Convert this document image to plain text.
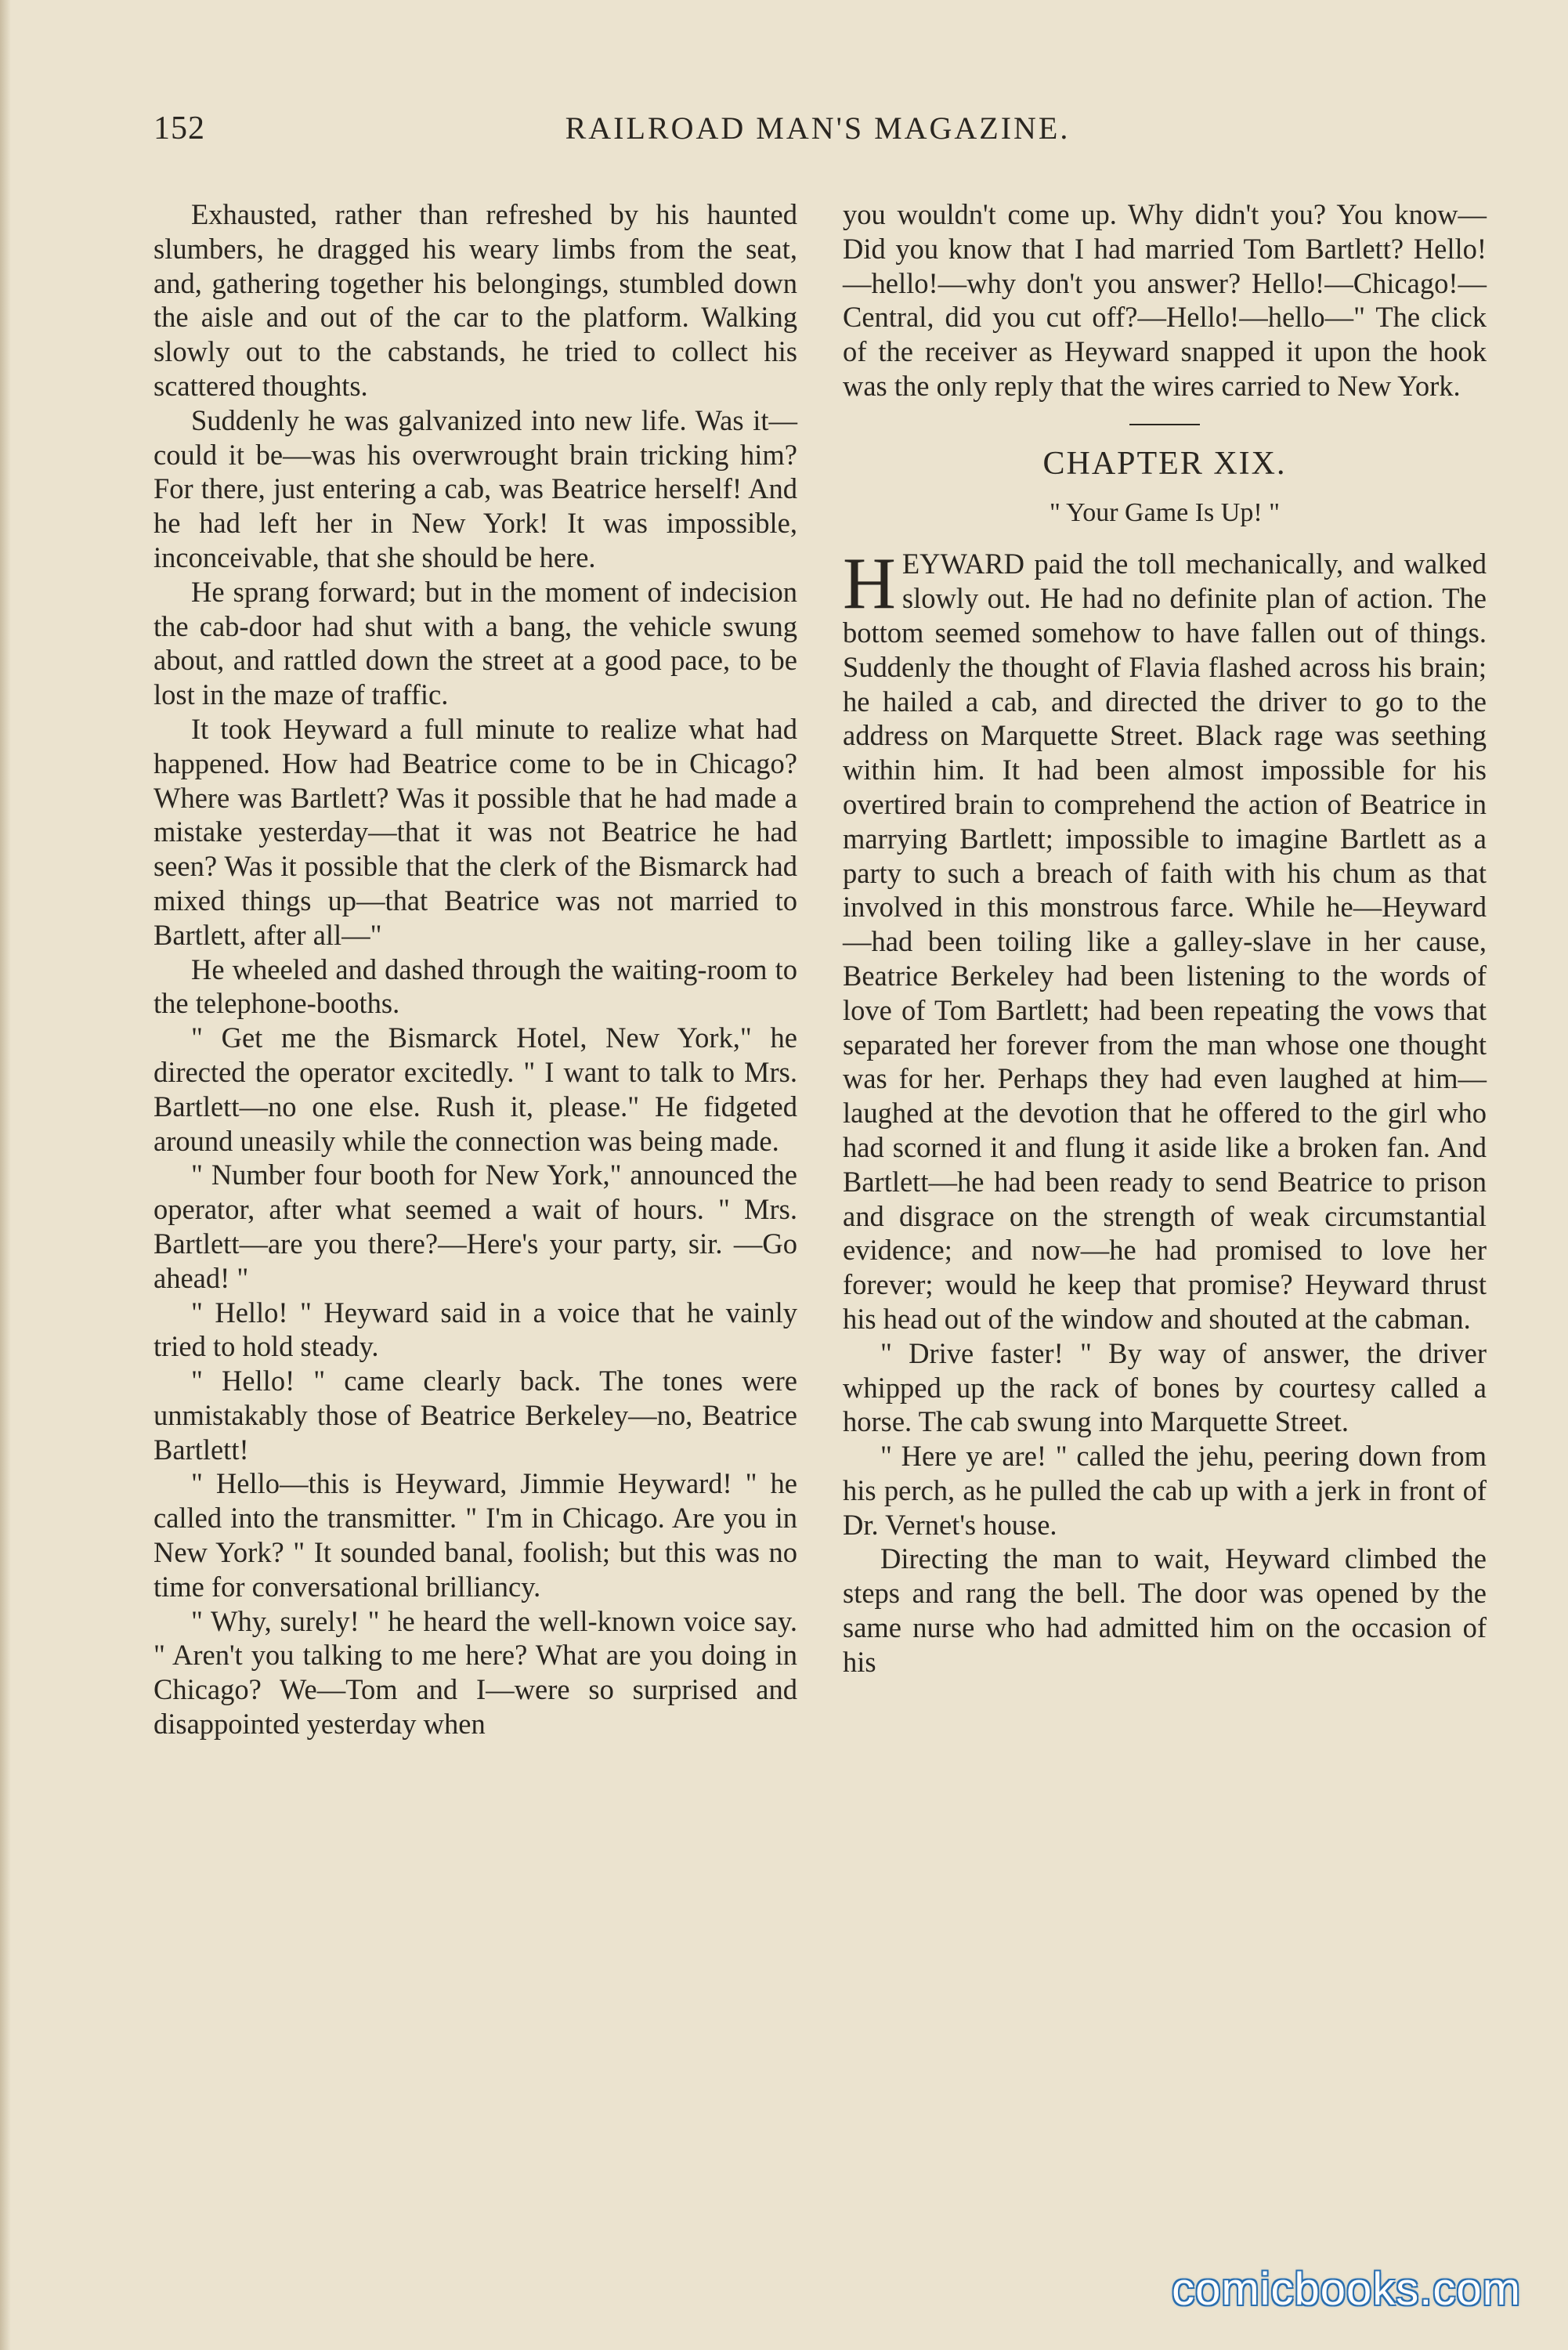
152	RAILROAD MAN'S MAGAZINE.

Exhausted, rather than refreshed by his haunted slumbers, he dragged his weary limbs from the seat, and, gathering together his belongings, stumbled down the aisle and out of the car to the platform. Walking slowly out to the cabstands, he tried to collect his scattered thoughts.

Suddenly he was galvanized into new life. Was it—could it be—was his overwrought brain tricking him? For there, just entering a cab, was Beatrice herself! And he had left her in New York! It was impossible, inconceivable, that she should be here.

He sprang forward; but in the moment of indecision the cab-door had shut with a bang, the vehicle swung about, and rattled down the street at a good pace, to be lost in the maze of traffic.

It took Heyward a full minute to realize what had happened. How had Beatrice come to be in Chicago? Where was Bartlett? Was it possible that he had made a mistake yesterday—that it was not Beatrice he had seen? Was it possible that the clerk of the Bismarck had mixed things up—that Beatrice was not married to Bartlett, after all—"

He wheeled and dashed through the waiting-room to the telephone-booths.

" Get me the Bismarck Hotel, New York," he directed the operator excitedly. " I want to talk to Mrs. Bartlett—no one else. Rush it, please." He fidgeted around uneasily while the connection was being made.

" Number four booth for New York," announced the operator, after what seemed a wait of hours. " Mrs. Bartlett—are you there?—Here's your party, sir. —Go ahead! "

" Hello! " Heyward said in a voice that he vainly tried to hold steady.

" Hello! " came clearly back. The tones were unmistakably those of Beatrice Berkeley—no, Beatrice Bartlett!

" Hello—this is Heyward, Jimmie Heyward! " he called into the transmitter. " I'm in Chicago. Are you in New York? " It sounded banal, foolish; but this was no time for conversational brilliancy.

" Why, surely! " he heard the well-known voice say. " Aren't you talking to me here? What are you doing in Chicago? We—Tom and I—were so surprised and disappointed yesterday when

you wouldn't come up. Why didn't you? You know— Did you know that I had married Tom Bartlett? Hello!—hello!—why don't you answer? Hello!—Chicago!—Central, did you cut off?—Hello!—hello—" The click of the receiver as Heyward snapped it upon the hook was the only reply that the wires carried to New York.

CHAPTER XIX.
" Your Game Is Up! "

HEYWARD paid the toll mechanically, and walked slowly out. He had no definite plan of action. The bottom seemed somehow to have fallen out of things. Suddenly the thought of Flavia flashed across his brain; he hailed a cab, and directed the driver to go to the address on Marquette Street. Black rage was seething within him. It had been almost impossible for his overtired brain to comprehend the action of Beatrice in marrying Bartlett; impossible to imagine Bartlett as a party to such a breach of faith with his chum as that involved in this monstrous farce. While he—Heyward—had been toiling like a galley-slave in her cause, Beatrice Berkeley had been listening to the words of love of Tom Bartlett; had been repeating the vows that separated her forever from the man whose one thought was for her. Perhaps they had even laughed at him—laughed at the devotion that he offered to the girl who had scorned it and flung it aside like a broken fan. And Bartlett—he had been ready to send Beatrice to prison and disgrace on the strength of weak circumstantial evidence; and now—he had promised to love her forever; would he keep that promise? Heyward thrust his head out of the window and shouted at the cabman.

" Drive faster! " By way of answer, the driver whipped up the rack of bones by courtesy called a horse. The cab swung into Marquette Street.

" Here ye are! " called the jehu, peering down from his perch, as he pulled the cab up with a jerk in front of Dr. Vernet's house.

Directing the man to wait, Heyward climbed the steps and rang the bell. The door was opened by the same nurse who had admitted him on the occasion of his

comicbooks.com
